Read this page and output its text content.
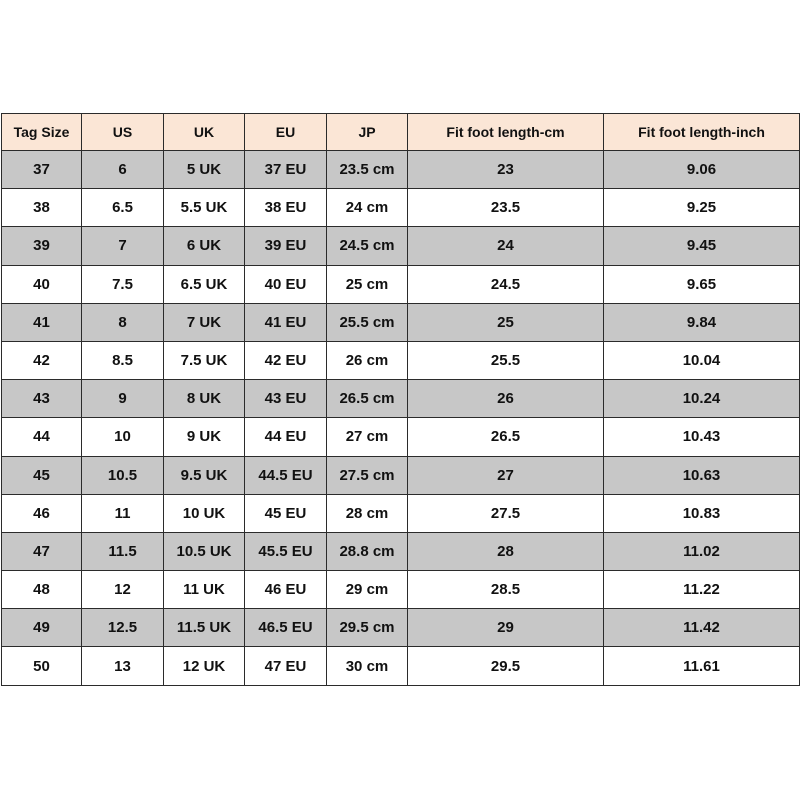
Tag Size	US	UK	EU	JP	Fit foot length-cm	Fit foot length-inch
37	6	5 UK	37 EU	23.5 cm	23	9.06
38	6.5	5.5 UK	38 EU	24 cm	23.5	9.25
39	7	6 UK	39 EU	24.5 cm	24	9.45
40	7.5	6.5 UK	40 EU	25 cm	24.5	9.65
41	8	7 UK	41 EU	25.5 cm	25	9.84
42	8.5	7.5 UK	42 EU	26 cm	25.5	10.04
43	9	8 UK	43 EU	26.5 cm	26	10.24
44	10	9 UK	44 EU	27 cm	26.5	10.43
45	10.5	9.5 UK	44.5 EU	27.5 cm	27	10.63
46	11	10 UK	45 EU	28 cm	27.5	10.83
47	11.5	10.5 UK	45.5 EU	28.8 cm	28	11.02
48	12	11 UK	46 EU	29 cm	28.5	11.22
49	12.5	11.5 UK	46.5 EU	29.5 cm	29	11.42
50	13	12 UK	47 EU	30 cm	29.5	11.61
